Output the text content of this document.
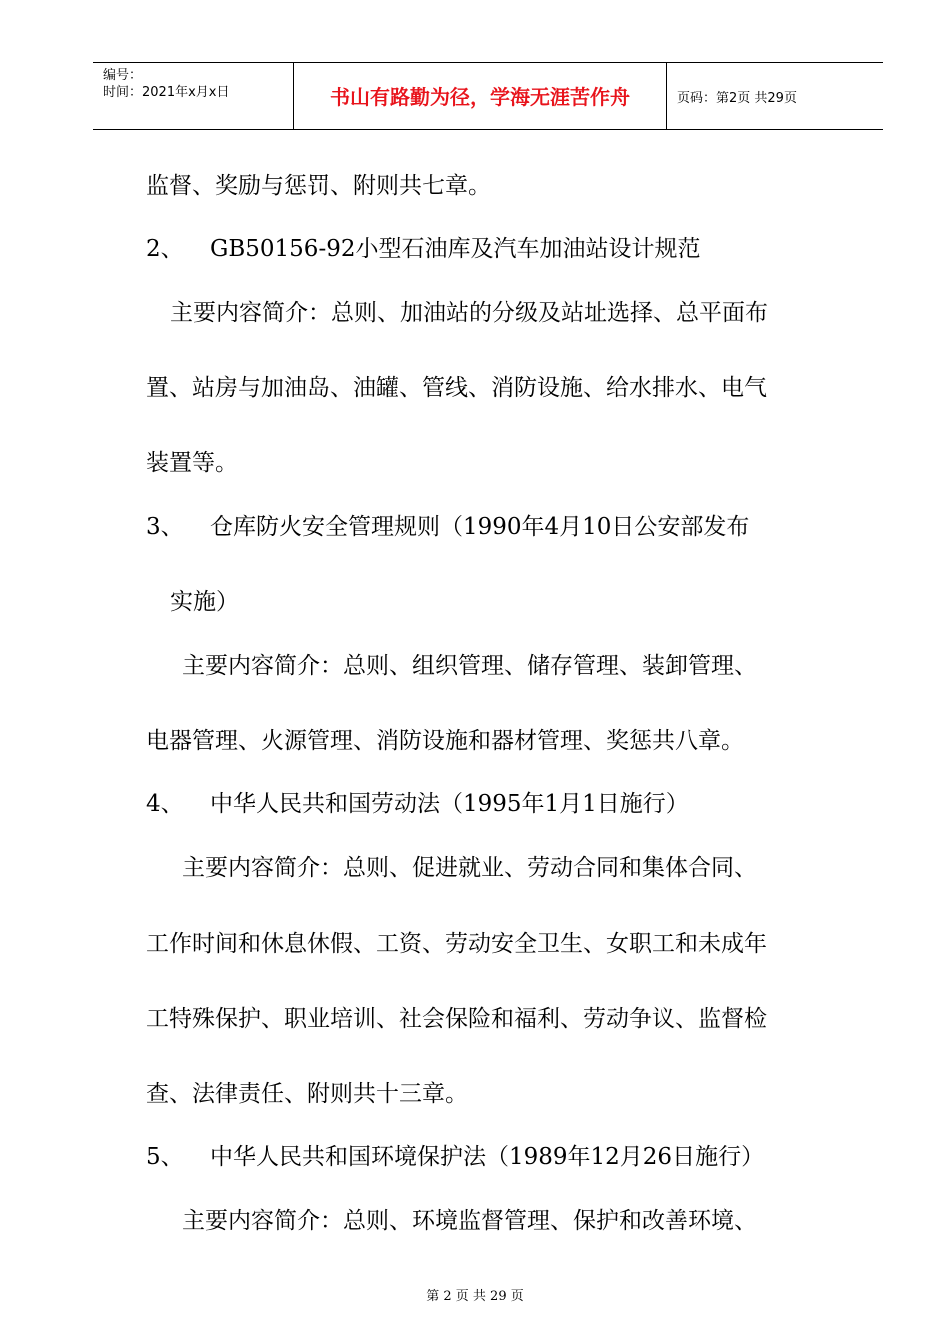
编号：
时间：2021年x月x日	书山有路勤为径，学海无涯苦作舟	页码：第2页 共29页
监督、奖励与惩罚、附则共七章。
2、 GB50156-92小型石油库及汽车加油站设计规范
主要内容简介：总则、加油站的分级及站址选择、总平面布
置、站房与加油岛、油罐、管线、消防设施、给水排水、电气
装置等。
3、 仓库防火安全管理规则（1990年4月10日公安部发布
实施）
主要内容简介：总则、组织管理、储存管理、装卸管理、
电器管理、火源管理、消防设施和器材管理、奖惩共八章。
4、 中华人民共和国劳动法（1995年1月1日施行）
主要内容简介：总则、促进就业、劳动合同和集体合同、
工作时间和休息休假、工资、劳动安全卫生、女职工和未成年
工特殊保护、职业培训、社会保险和福利、劳动争议、监督检
查、法律责任、附则共十三章。
5、 中华人民共和国环境保护法（1989年12月26日施行）
主要内容简介：总则、环境监督管理、保护和改善环境、
第 2 页 共 29 页
